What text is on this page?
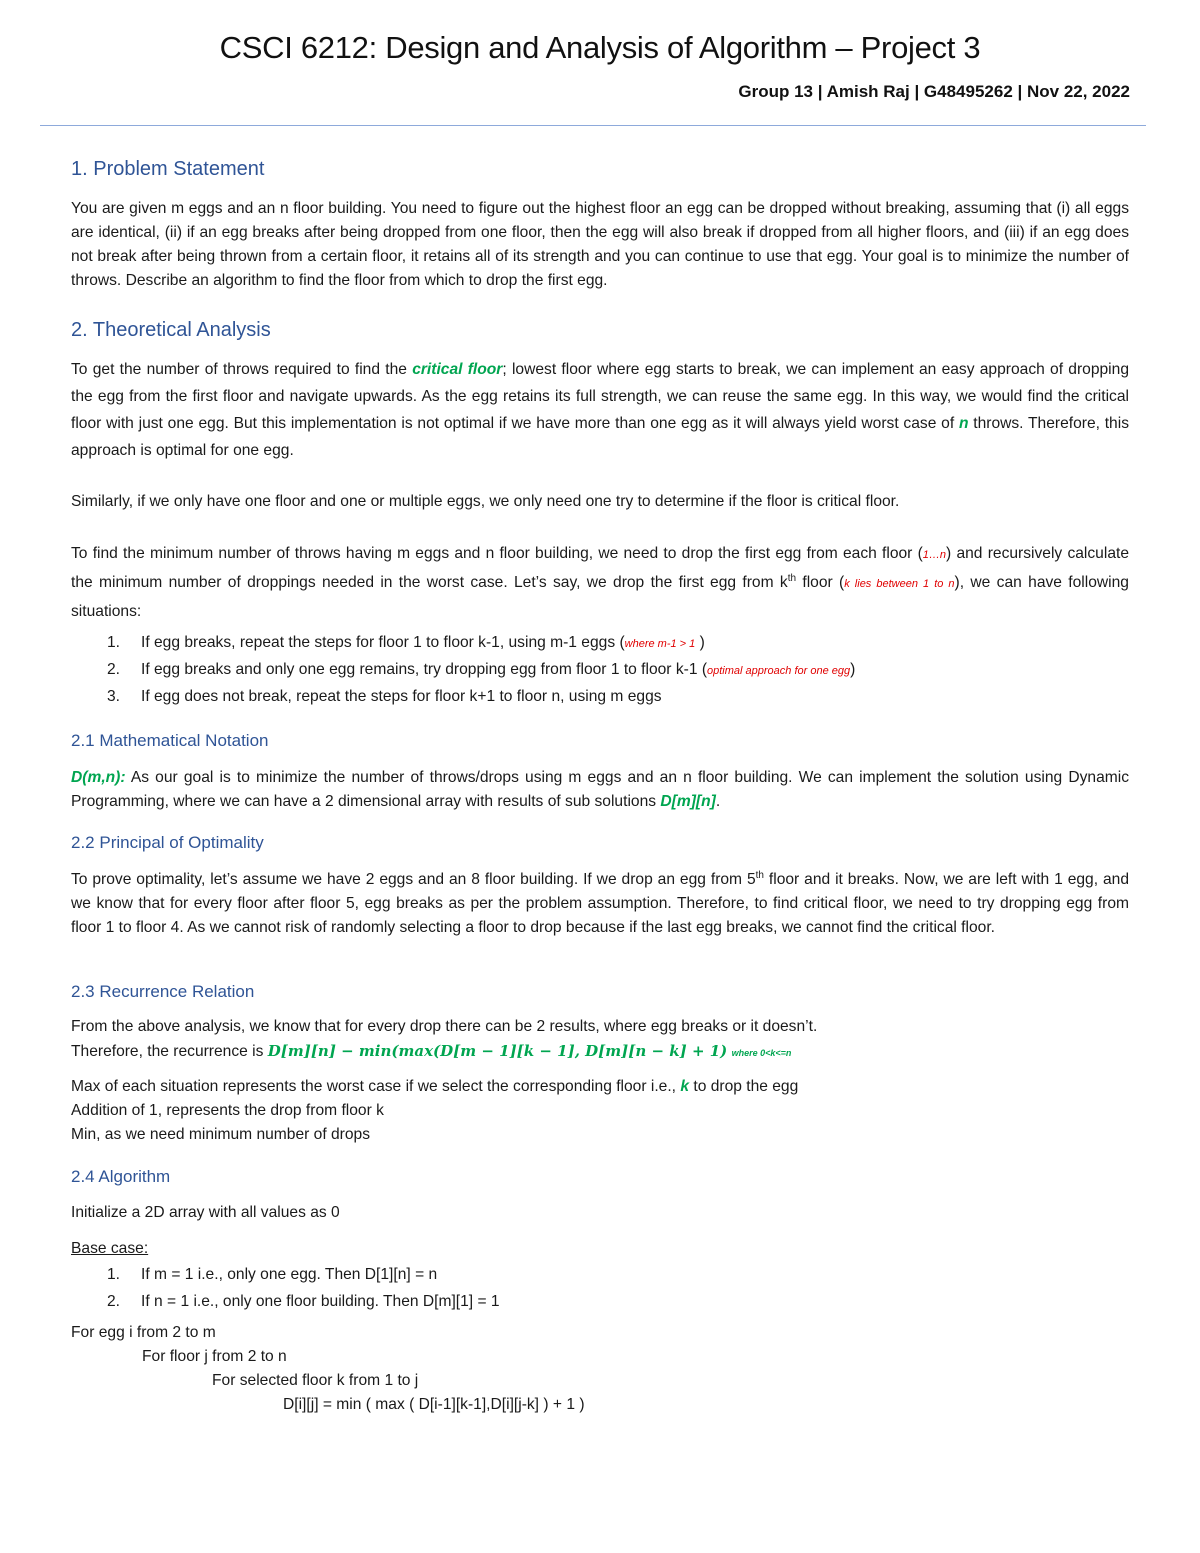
CSCI 6212: Design and Analysis of Algorithm – Project 3
Group 13 | Amish Raj | G48495262 | Nov 22, 2022
1. Problem Statement
You are given m eggs and an n floor building. You need to figure out the highest floor an egg can be dropped without breaking, assuming that (i) all eggs are identical, (ii) if an egg breaks after being dropped from one floor, then the egg will also break if dropped from all higher floors, and (iii) if an egg does not break after being thrown from a certain floor, it retains all of its strength and you can continue to use that egg. Your goal is to minimize the number of throws. Describe an algorithm to find the floor from which to drop the first egg.
2. Theoretical Analysis
To get the number of throws required to find the critical floor; lowest floor where egg starts to break, we can implement an easy approach of dropping the egg from the first floor and navigate upwards. As the egg retains its full strength, we can reuse the same egg. In this way, we would find the critical floor with just one egg. But this implementation is not optimal if we have more than one egg as it will always yield worst case of n throws. Therefore, this approach is optimal for one egg.
Similarly, if we only have one floor and one or multiple eggs, we only need one try to determine if the floor is critical floor.
To find the minimum number of throws having m eggs and n floor building, we need to drop the first egg from each floor (1…n) and recursively calculate the minimum number of droppings needed in the worst case. Let’s say, we drop the first egg from $k^{th}$ floor (k lies between 1 to n), we can have following situations:
1. If egg breaks, repeat the steps for floor 1 to floor k-1, using m-1 eggs (where m-1 > 1 )
2. If egg breaks and only one egg remains, try dropping egg from floor 1 to floor k-1 (optimal approach for one egg)
3. If egg does not break, repeat the steps for floor k+1 to floor n, using m eggs
2.1 Mathematical Notation
D(m,n): As our goal is to minimize the number of throws/drops using m eggs and an n floor building. We can implement the solution using Dynamic Programming, where we can have a 2 dimensional array with results of sub solutions D[m][n].
2.2 Principal of Optimality
To prove optimality, let’s assume we have 2 eggs and an 8 floor building. If we drop an egg from 5th floor and it breaks. Now, we are left with 1 egg, and we know that for every floor after floor 5, egg breaks as per the problem assumption. Therefore, to find critical floor, we need to try dropping egg from floor 1 to floor 4. As we cannot risk of randomly selecting a floor to drop because if the last egg breaks, we cannot find the critical floor.
2.3 Recurrence Relation
From the above analysis, we know that for every drop there can be 2 results, where egg breaks or it doesn’t.
Therefore, the recurrence is D[m][n] − min(max(D[m − 1][k − 1], D[m][n − k] + 1) where 0<k<=n
Max of each situation represents the worst case if we select the corresponding floor i.e., k to drop the egg
Addition of 1, represents the drop from floor k
Min, as we need minimum number of drops
2.4 Algorithm
Initialize a 2D array with all values as 0
Base case:
1. If m = 1 i.e., only one egg. Then D[1][n] = n
2. If n = 1 i.e., only one floor building. Then D[m][1] = 1
For egg i from 2 to m
For floor j from 2 to n
For selected floor k from 1 to j
D[i][j] = min ( max ( D[i-1][k-1],D[i][j-k] ) + 1 )
